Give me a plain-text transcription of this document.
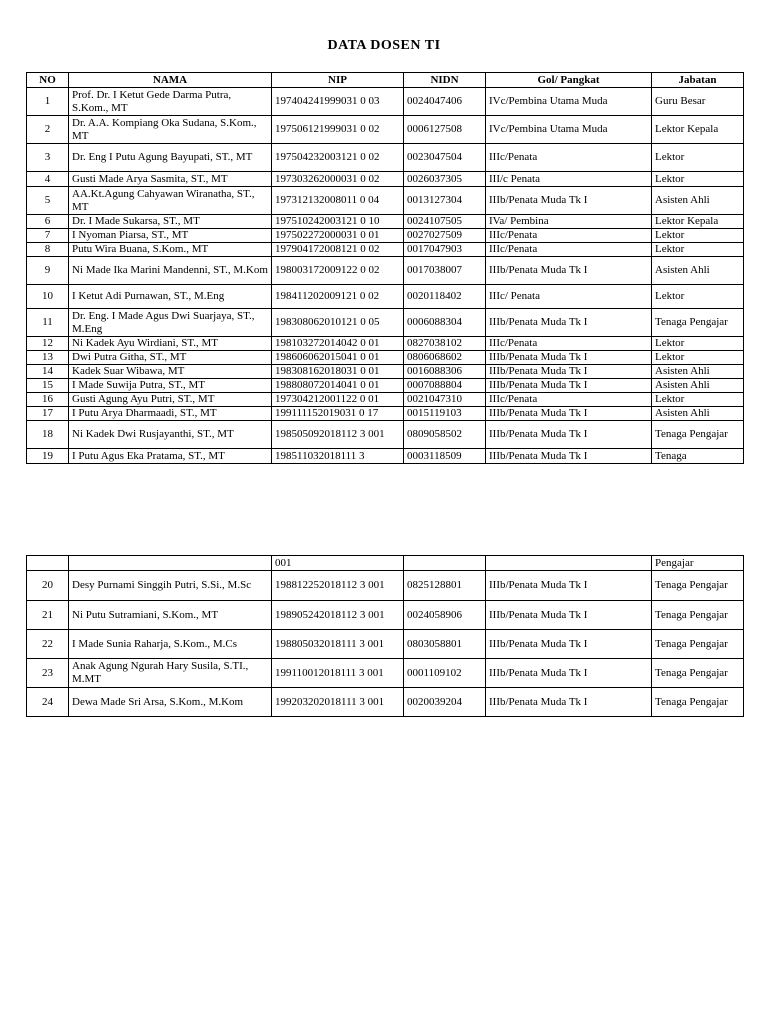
DATA DOSEN TI
NO	NAMA	NIP	NIDN	Gol/ Pangkat	Jabatan
1	Prof. Dr. I Ketut Gede Darma Putra, S.Kom., MT	197404241999031 0 03	0024047406	IVc/Pembina Utama Muda	Guru Besar
2	Dr. A.A. Kompiang Oka Sudana, S.Kom., MT	197506121999031 0 02	0006127508	IVc/Pembina Utama Muda	Lektor Kepala
3	Dr. Eng I Putu Agung Bayupati, ST., MT	197504232003121 0 02	0023047504	IIIc/Penata	Lektor
4	Gusti Made Arya Sasmita, ST., MT	197303262000031 0 02	0026037305	III/c Penata	Lektor
5	AA.Kt.Agung Cahyawan Wiranatha, ST., MT	197312132008011 0 04	0013127304	IIIb/Penata Muda Tk I	Asisten Ahli
6	Dr. I Made Sukarsa, ST., MT	197510242003121 0 10	0024107505	IVa/ Pembina	Lektor Kepala
7	I Nyoman Piarsa, ST., MT	197502272000031 0 01	0027027509	IIIc/Penata	Lektor
8	Putu Wira Buana, S.Kom., MT	197904172008121 0 02	0017047903	IIIc/Penata	Lektor
9	Ni Made Ika Marini Mandenni, ST., M.Kom	198003172009122 0 02	0017038007	IIIb/Penata Muda Tk I	Asisten Ahli
10	I Ketut Adi Purnawan, ST., M.Eng	198411202009121 0 02	0020118402	IIIc/ Penata	Lektor
11	Dr. Eng. I Made Agus Dwi Suarjaya, ST., M.Eng	198308062010121 0 05	0006088304	IIIb/Penata Muda Tk I	Tenaga Pengajar
12	Ni Kadek Ayu Wirdiani, ST., MT	198103272014042 0 01	0827038102	IIIc/Penata	Lektor
13	Dwi Putra Githa, ST., MT	198606062015041 0 01	0806068602	IIIb/Penata Muda Tk I	Lektor
14	Kadek Suar Wibawa, MT	198308162018031 0 01	0016088306	IIIb/Penata Muda Tk I	Asisten Ahli
15	I Made Suwija Putra, ST., MT	198808072014041 0 01	0007088804	IIIb/Penata Muda Tk I	Asisten Ahli
16	Gusti Agung Ayu Putri, ST., MT	197304212001122 0 01	0021047310	IIIc/Penata	Lektor
17	I Putu Arya Dharmaadi, ST., MT	199111152019031 0 17	0015119103	IIIb/Penata Muda Tk I	Asisten Ahli
18	Ni Kadek Dwi Rusjayanthi, ST., MT	198505092018112 3 001	0809058502	IIIb/Penata Muda Tk I	Tenaga Pengajar
19	I Putu Agus Eka Pratama, ST., MT	198511032018111 3	0003118509	IIIb/Penata Muda Tk I	Tenaga
		001			Pengajar
20	Desy Purnami Singgih Putri, S.Si., M.Sc	198812252018112 3 001	0825128801	IIIb/Penata Muda Tk I	Tenaga Pengajar
21	Ni Putu Sutramiani, S.Kom., MT	198905242018112 3 001	0024058906	IIIb/Penata Muda Tk I	Tenaga Pengajar
22	I Made Sunia Raharja, S.Kom., M.Cs	198805032018111 3 001	0803058801	IIIb/Penata Muda Tk I	Tenaga Pengajar
23	Anak Agung Ngurah Hary Susila, S.TI., M.MT	199110012018111 3 001	0001109102	IIIb/Penata Muda Tk I	Tenaga Pengajar
24	Dewa Made Sri Arsa, S.Kom., M.Kom	199203202018111 3 001	0020039204	IIIb/Penata Muda Tk I	Tenaga Pengajar
